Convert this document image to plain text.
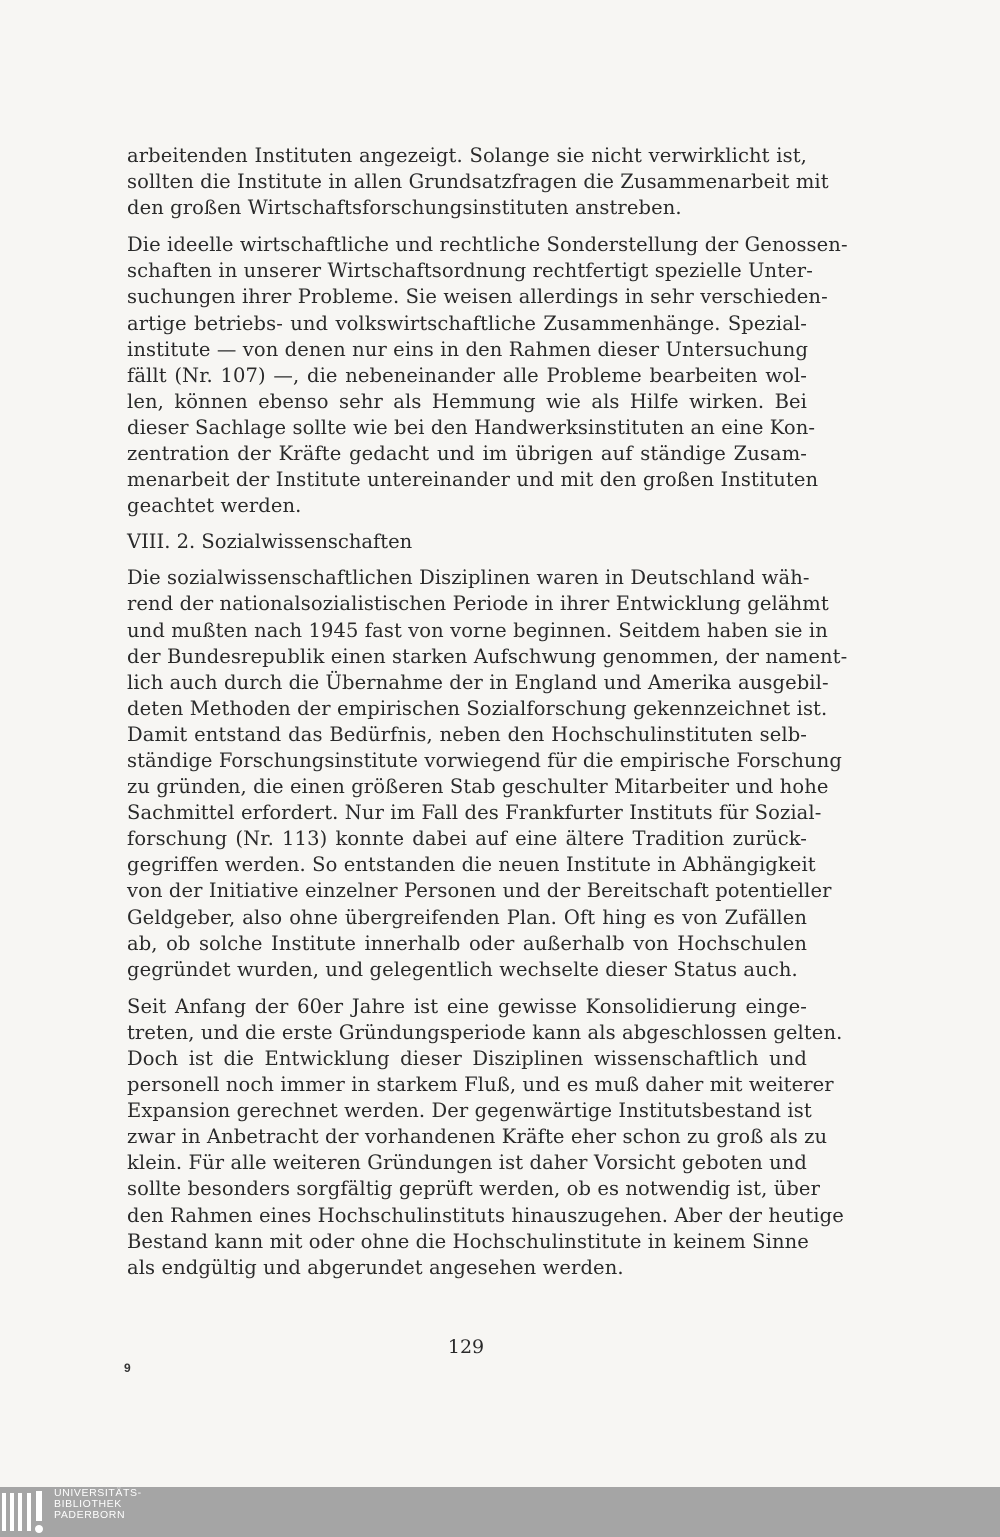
arbeitenden Instituten angezeigt. Solange sie nicht verwirklicht ist,
sollten die Institute in allen Grundsatzfragen die Zusammenarbeit mit
den großen Wirtschaftsforschungsinstituten anstreben.
Die ideelle wirtschaftliche und rechtliche Sonderstellung der Genossen-
schaften in unserer Wirtschaftsordnung rechtfertigt spezielle Unter-
suchungen ihrer Probleme. Sie weisen allerdings in sehr verschieden-
artige betriebs- und volkswirtschaftliche Zusammenhänge. Spezial-
institute — von denen nur eins in den Rahmen dieser Untersuchung
fällt (Nr. 107) —, die nebeneinander alle Probleme bearbeiten wol-
len, können ebenso sehr als Hemmung wie als Hilfe wirken. Bei
dieser Sachlage sollte wie bei den Handwerksinstituten an eine Kon-
zentration der Kräfte gedacht und im übrigen auf ständige Zusam-
menarbeit der Institute untereinander und mit den großen Instituten
geachtet werden.
VIII. 2. Sozialwissenschaften
Die sozialwissenschaftlichen Disziplinen waren in Deutschland wäh-
rend der nationalsozialistischen Periode in ihrer Entwicklung gelähmt
und mußten nach 1945 fast von vorne beginnen. Seitdem haben sie in
der Bundesrepublik einen starken Aufschwung genommen, der nament-
lich auch durch die Übernahme der in England und Amerika ausgebil-
deten Methoden der empirischen Sozialforschung gekennzeichnet ist.
Damit entstand das Bedürfnis, neben den Hochschulinstituten selb-
ständige Forschungsinstitute vorwiegend für die empirische Forschung
zu gründen, die einen größeren Stab geschulter Mitarbeiter und hohe
Sachmittel erfordert. Nur im Fall des Frankfurter Instituts für Sozial-
forschung (Nr. 113) konnte dabei auf eine ältere Tradition zurück-
gegriffen werden. So entstanden die neuen Institute in Abhängigkeit
von der Initiative einzelner Personen und der Bereitschaft potentieller
Geldgeber, also ohne übergreifenden Plan. Oft hing es von Zufällen
ab, ob solche Institute innerhalb oder außerhalb von Hochschulen
gegründet wurden, und gelegentlich wechselte dieser Status auch.
Seit Anfang der 60er Jahre ist eine gewisse Konsolidierung einge-
treten, und die erste Gründungsperiode kann als abgeschlossen gelten.
Doch ist die Entwicklung dieser Disziplinen wissenschaftlich und
personell noch immer in starkem Fluß, und es muß daher mit weiterer
Expansion gerechnet werden. Der gegenwärtige Institutsbestand ist
zwar in Anbetracht der vorhandenen Kräfte eher schon zu groß als zu
klein. Für alle weiteren Gründungen ist daher Vorsicht geboten und
sollte besonders sorgfältig geprüft werden, ob es notwendig ist, über
den Rahmen eines Hochschulinstituts hinauszugehen. Aber der heutige
Bestand kann mit oder ohne die Hochschulinstitute in keinem Sinne
als endgültig und abgerundet angesehen werden.
129
9
UNIVERSITÄTS-
BIBLIOTHEK
PADERBORN
